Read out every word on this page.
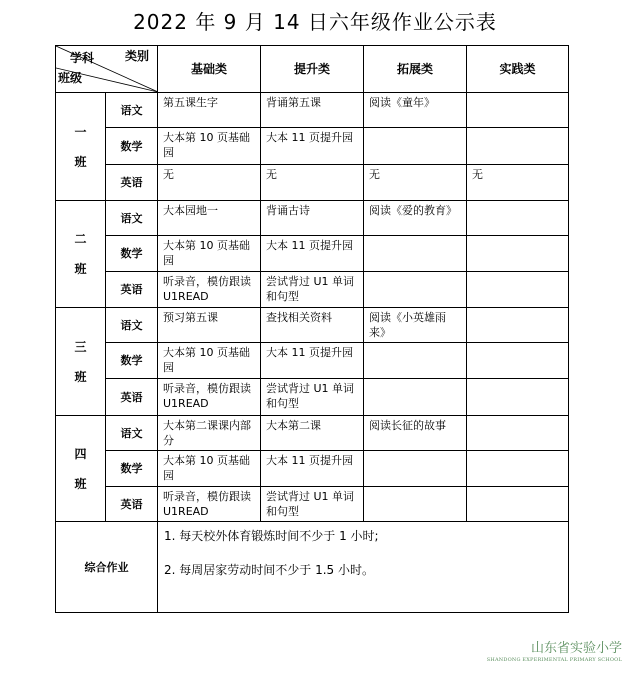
2022 年 9 月 14 日六年级作业公示表
学科 类别
班级		基础类	提升类	拓展类	实践类

一
班	语文	第五课生字	背诵第五课	阅读《童年》	
	数学	大本第 10 页基础园	大本 11 页提升园		
	英语	无	无	无	无

二
班	语文	大本园地一	背诵古诗	阅读《爱的教育》	
	数学	大本第 10 页基础园	大本 11 页提升园		
	英语	听录音，模仿跟读 U1READ	尝试背过 U1 单词和句型		

三
班	语文	预习第五课	查找相关资料	阅读《小英雄雨来》	
	数学	大本第 10 页基础园	大本 11 页提升园		
	英语	听录音，模仿跟读 U1READ	尝试背过 U1 单词和句型		

四
班	语文	大本第二课课内部分	大本第二课	阅读长征的故事	
	数学	大本第 10 页基础园	大本 11 页提升园		
	英语	听录音，模仿跟读 U1READ	尝试背过 U1 单词和句型		
综合作业		1. 每天校外体育锻炼时间不少于 1 小时;

2. 每周居家劳动时间不少于 1.5 小时。			

山东省实验小学
SHANDONG EXPERIMENTAL PRIMARY SCHOOL
